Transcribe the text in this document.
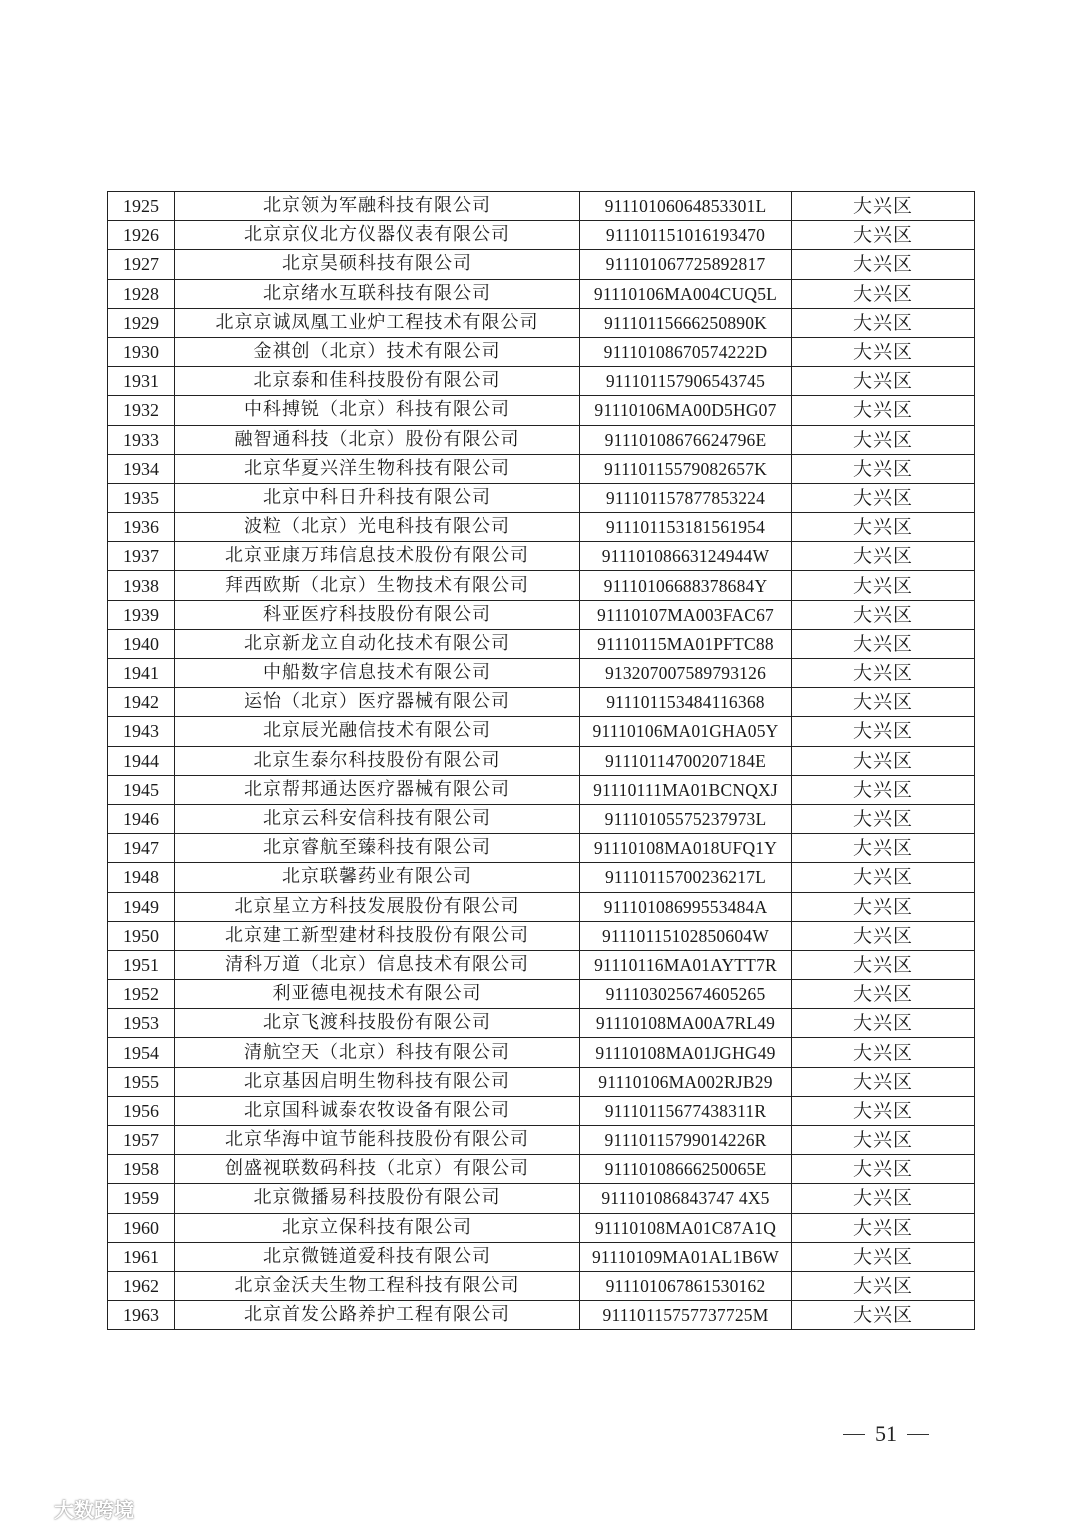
1925	北京领为军融科技有限公司	91110106064853301L	大兴区
1926	北京京仪北方仪器仪表有限公司	911101151016193470	大兴区
1927	北京昊硕科技有限公司	911101067725892817	大兴区
1928	北京绪水互联科技有限公司	91110106MA004CUQ5L	大兴区
1929	北京京诚凤凰工业炉工程技术有限公司	91110115666250890K	大兴区
1930	金祺创（北京）技术有限公司	91110108670574222D	大兴区
1931	北京泰和佳科技股份有限公司	911101157906543745	大兴区
1932	中科搏锐（北京）科技有限公司	91110106MA00D5HG07	大兴区
1933	融智通科技（北京）股份有限公司	91110108676624796E	大兴区
1934	北京华夏兴洋生物科技有限公司	91110115579082657K	大兴区
1935	北京中科日升科技有限公司	911101157877853224	大兴区
1936	波粒（北京）光电科技有限公司	911101153181561954	大兴区
1937	北京亚康万玮信息技术股份有限公司	91110108663124944W	大兴区
1938	拜西欧斯（北京）生物技术有限公司	91110106688378684Y	大兴区
1939	科亚医疗科技股份有限公司	91110107MA003FAC67	大兴区
1940	北京新龙立自动化技术有限公司	91110115MA01PFTC88	大兴区
1941	中船数字信息技术有限公司	913207007589793126	大兴区
1942	运怡（北京）医疗器械有限公司	911101153484116368	大兴区
1943	北京辰光融信技术有限公司	91110106MA01GHA05Y	大兴区
1944	北京生泰尔科技股份有限公司	91110114700207184E	大兴区
1945	北京帮邦通达医疗器械有限公司	91110111MA01BCNQXJ	大兴区
1946	北京云科安信科技有限公司	91110105575237973L	大兴区
1947	北京睿航至臻科技有限公司	91110108MA018UFQ1Y	大兴区
1948	北京联馨药业有限公司	91110115700236217L	大兴区
1949	北京星立方科技发展股份有限公司	91110108699553484A	大兴区
1950	北京建工新型建材科技股份有限公司	91110115102850604W	大兴区
1951	清科万道（北京）信息技术有限公司	91110116MA01AYTT7R	大兴区
1952	利亚德电视技术有限公司	911103025674605265	大兴区
1953	北京飞渡科技股份有限公司	91110108MA00A7RL49	大兴区
1954	清航空天（北京）科技有限公司	91110108MA01JGHG49	大兴区
1955	北京基因启明生物科技有限公司	91110106MA002RJB29	大兴区
1956	北京国科诚泰农牧设备有限公司	91110115677438311R	大兴区
1957	北京华海中谊节能科技股份有限公司	91110115799014226R	大兴区
1958	创盛视联数码科技（北京）有限公司	91110108666250065E	大兴区
1959	北京微播易科技股份有限公司	911101086843747 4X5	大兴区
1960	北京立保科技有限公司	91110108MA01C87A1Q	大兴区
1961	北京微链道爱科技有限公司	91110109MA01AL1B6W	大兴区
1962	北京金沃夫生物工程科技有限公司	911101067861530162	大兴区
1963	北京首发公路养护工程有限公司	91110115757737725M	大兴区
51
大数跨境
